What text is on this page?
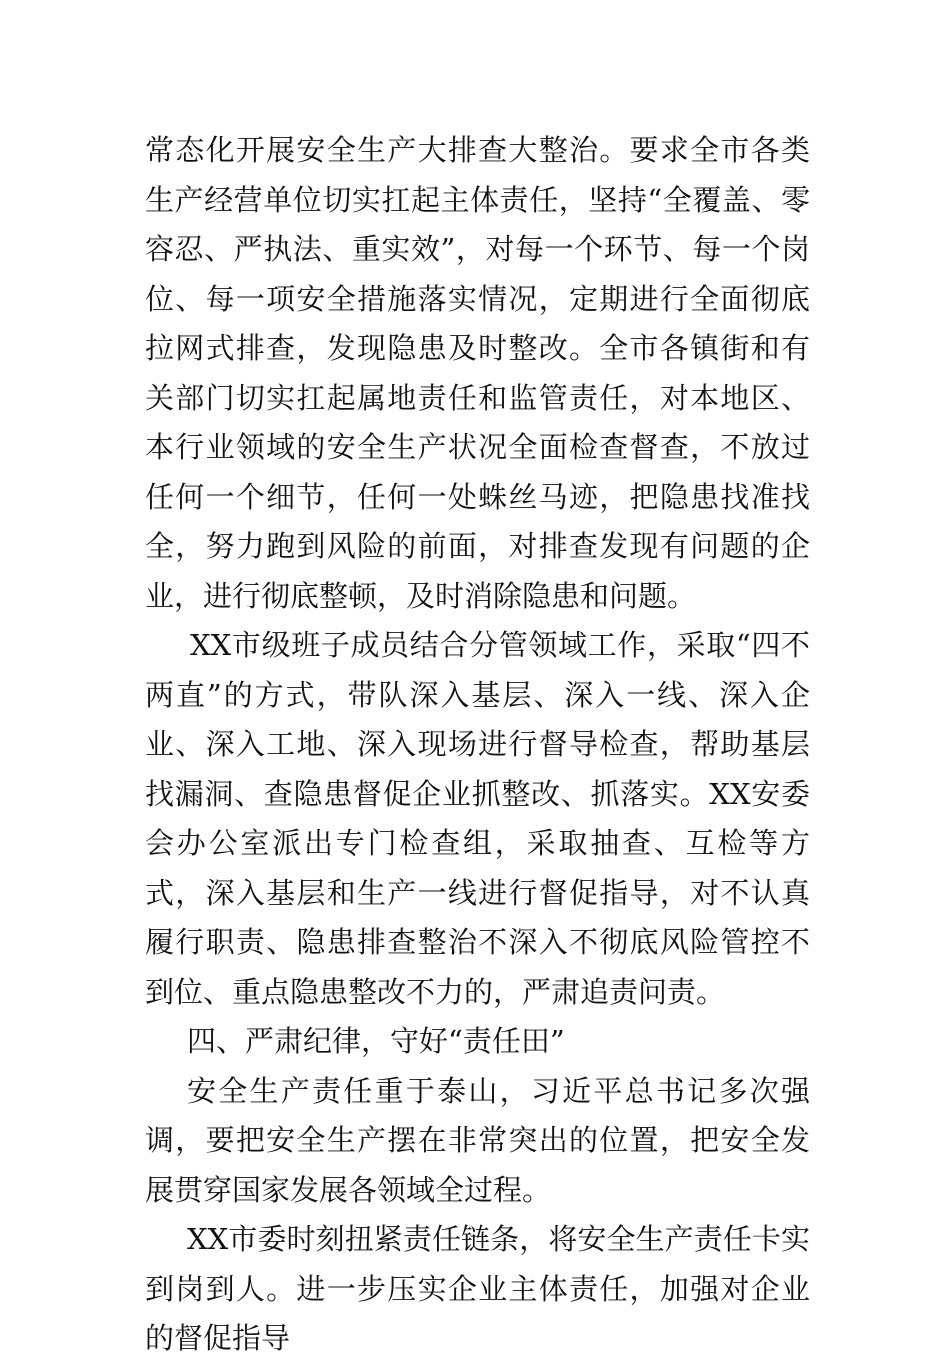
常态化开展安全生产大排查大整治。要求全市各类生产经营单位切实扛起主体责任，坚持“全覆盖、零容忍、严执法、重实效”，对每一个环节、每一个岗位、每一项安全措施落实情况，定期进行全面彻底拉网式排查，发现隐患及时整改。全市各镇街和有关部门切实扛起属地责任和监管责任，对本地区、本行业领域的安全生产状况全面检查督查，不放过任何一个细节，任何一处蛛丝马迹，把隐患找准找全，努力跑到风险的前面，对排查发现有问题的企业，进行彻底整顿，及时消除隐患和问题。

XX市级班子成员结合分管领域工作，采取“四不两直”的方式，带队深入基层、深入一线、深入企业、深入工地、深入现场进行督导检查，帮助基层找漏洞、查隐患督促企业抓整改、抓落实。XX安委会办公室派出专门检查组，采取抽查、互检等方式，深入基层和生产一线进行督促指导，对不认真履行职责、隐患排查整治不深入不彻底风险管控不到位、重点隐患整改不力的，严肃追责问责。

四、严肃纪律，守好“责任田”

安全生产责任重于泰山，习近平总书记多次强调，要把安全生产摆在非常突出的位置，把安全发展贯穿国家发展各领域全过程。

XX市委时刻扭紧责任链条，将安全生产责任卡实到岗到人。进一步压实企业主体责任，加强对企业的督促指导
